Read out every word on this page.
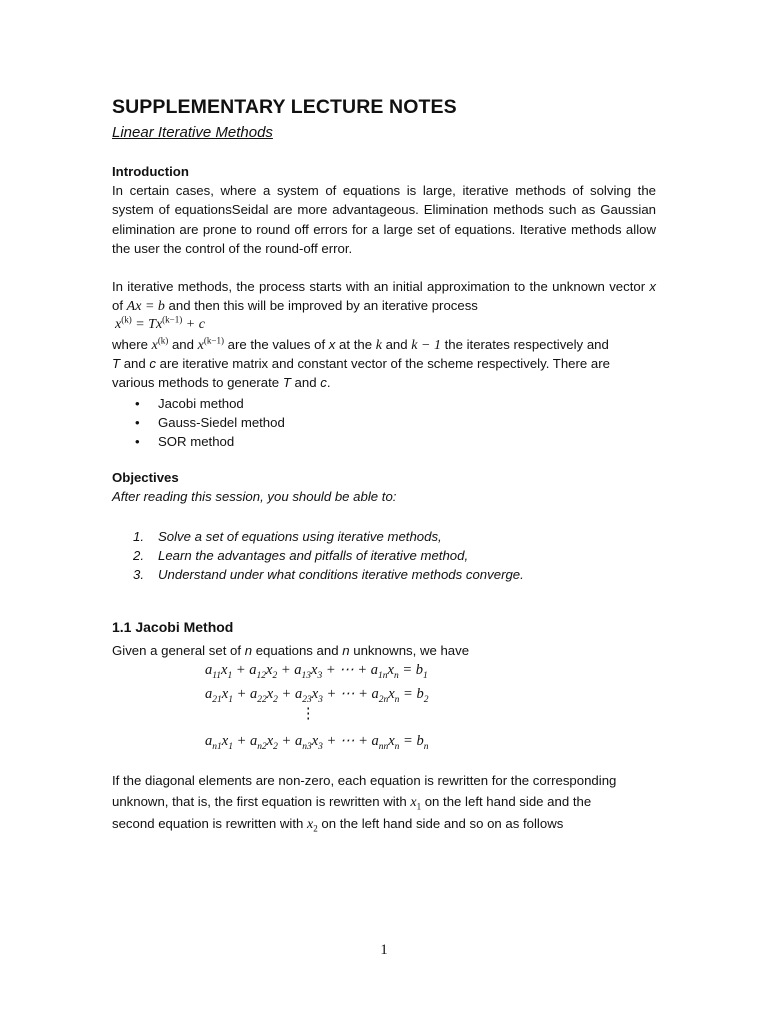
SUPPLEMENTARY LECTURE NOTES
Linear Iterative Methods
Introduction

In certain cases, where a system of equations is large, iterative methods of solving the system of equationsSeidal are more advantageous. Elimination methods such as Gaussian elimination are prone to round off errors for a large set of equations. Iterative methods allow the user the control of the round-off error.

In iterative methods, the process starts with an initial approximation to the unknown vector x of Ax = b and then this will be improved by an iterative process

$x^{(k)} = Tx^{(k-1)} + c$
where $x^{(k)}$ and $x^{(k-1)}$ are the values of x at the k and k − 1 the iterates respectively and
T and c are iterative matrix and constant vector of the scheme respectively. There are
various methods to generate T and c.
• Jacobi method
• Gauss-Siedel method
• SOR method
Objectives
After reading this session, you should be able to:
1. Solve a set of equations using iterative methods,
2. Learn the advantages and pitfalls of iterative method,
3. Understand under what conditions iterative methods converge.
1.1 Jacobi Method
Given a general set of n equations and n unknowns, we have
$a_{11}x_1 + a_{12}x_2 + a_{13}x_3$ + ⋯ + $a_{1n}x_n = b_1$
$a_{21}x_1 + a_{22}x_2 + a_{23}x_3$ + ⋯ + $a_{2n}x_n = b_2$
⋮
$a_{n1}x_1 + a_{n2}x_2 + a_{n3}x_3$ + ⋯ + $a_{nn}x_n = b_n$
If the diagonal elements are non-zero, each equation is rewritten for the corresponding
unknown, that is, the first equation is rewritten with $x_1$ on the left hand side and the
second equation is rewritten with $x_2$ on the left hand side and so on as follows
1
